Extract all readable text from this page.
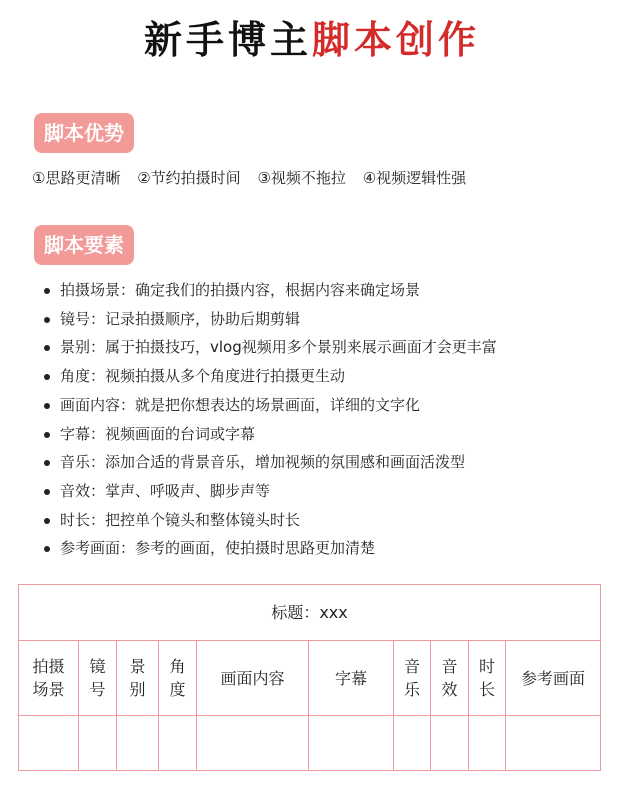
新手博主脚本创作
脚本优势
①思路更清晰 ②节约拍摄时间 ③视频不拖拉 ④视频逻辑性强
脚本要素
拍摄场景：确定我们的拍摄内容，根据内容来确定场景
镜号：记录拍摄顺序，协助后期剪辑
景别：属于拍摄技巧，vlog视频用多个景别来展示画面才会更丰富
角度：视频拍摄从多个角度进行拍摄更生动
画面内容：就是把你想表达的场景画面，详细的文字化
字幕：视频画面的台词或字幕
音乐：添加合适的背景音乐，增加视频的氛围感和画面活泼型
音效：掌声、呼吸声、脚步声等
时长：把控单个镜头和整体镜头时长
参考画面：参考的画面，使拍摄时思路更加清楚
标题：xxx									
拍摄场景	镜号	景别	角度	画面内容	字幕	音乐	音效	时长	参考画面
